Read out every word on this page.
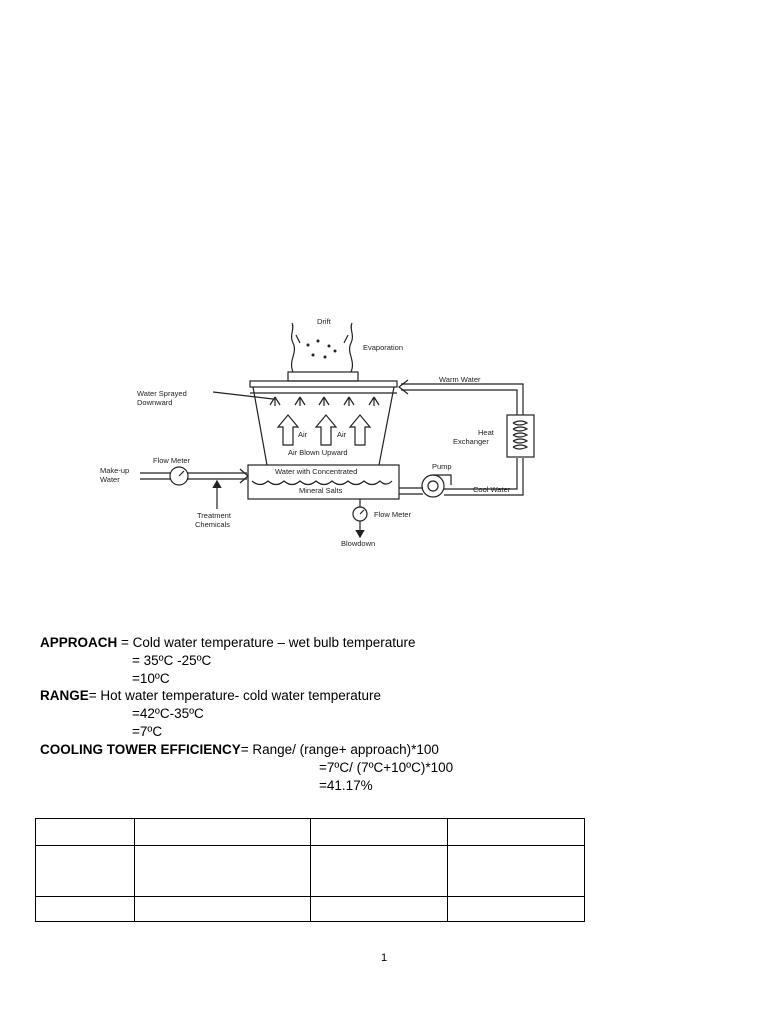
Drift
Evaporation
Warm Water
Water Sprayed
Downward
Heat
Exchanger
Air	Air
Air Blown Upward
Flow Meter
Make-up
Water
Pump
Water with Concentrated
Mineral Salts	Cool Water
Treatment
Chemicals
Flow Meter
Blowdown
APPROACH = Cold water temperature – wet bulb temperature
= 35ºC -25ºC
=10ºC
RANGE= Hot water temperature- cold water temperature
=42ºC-35ºC
=7ºC
COOLING TOWER EFFICIENCY= Range/ (range+ approach)*100
=7ºC/ (7ºC+10ºC)*100
=41.17%

1
